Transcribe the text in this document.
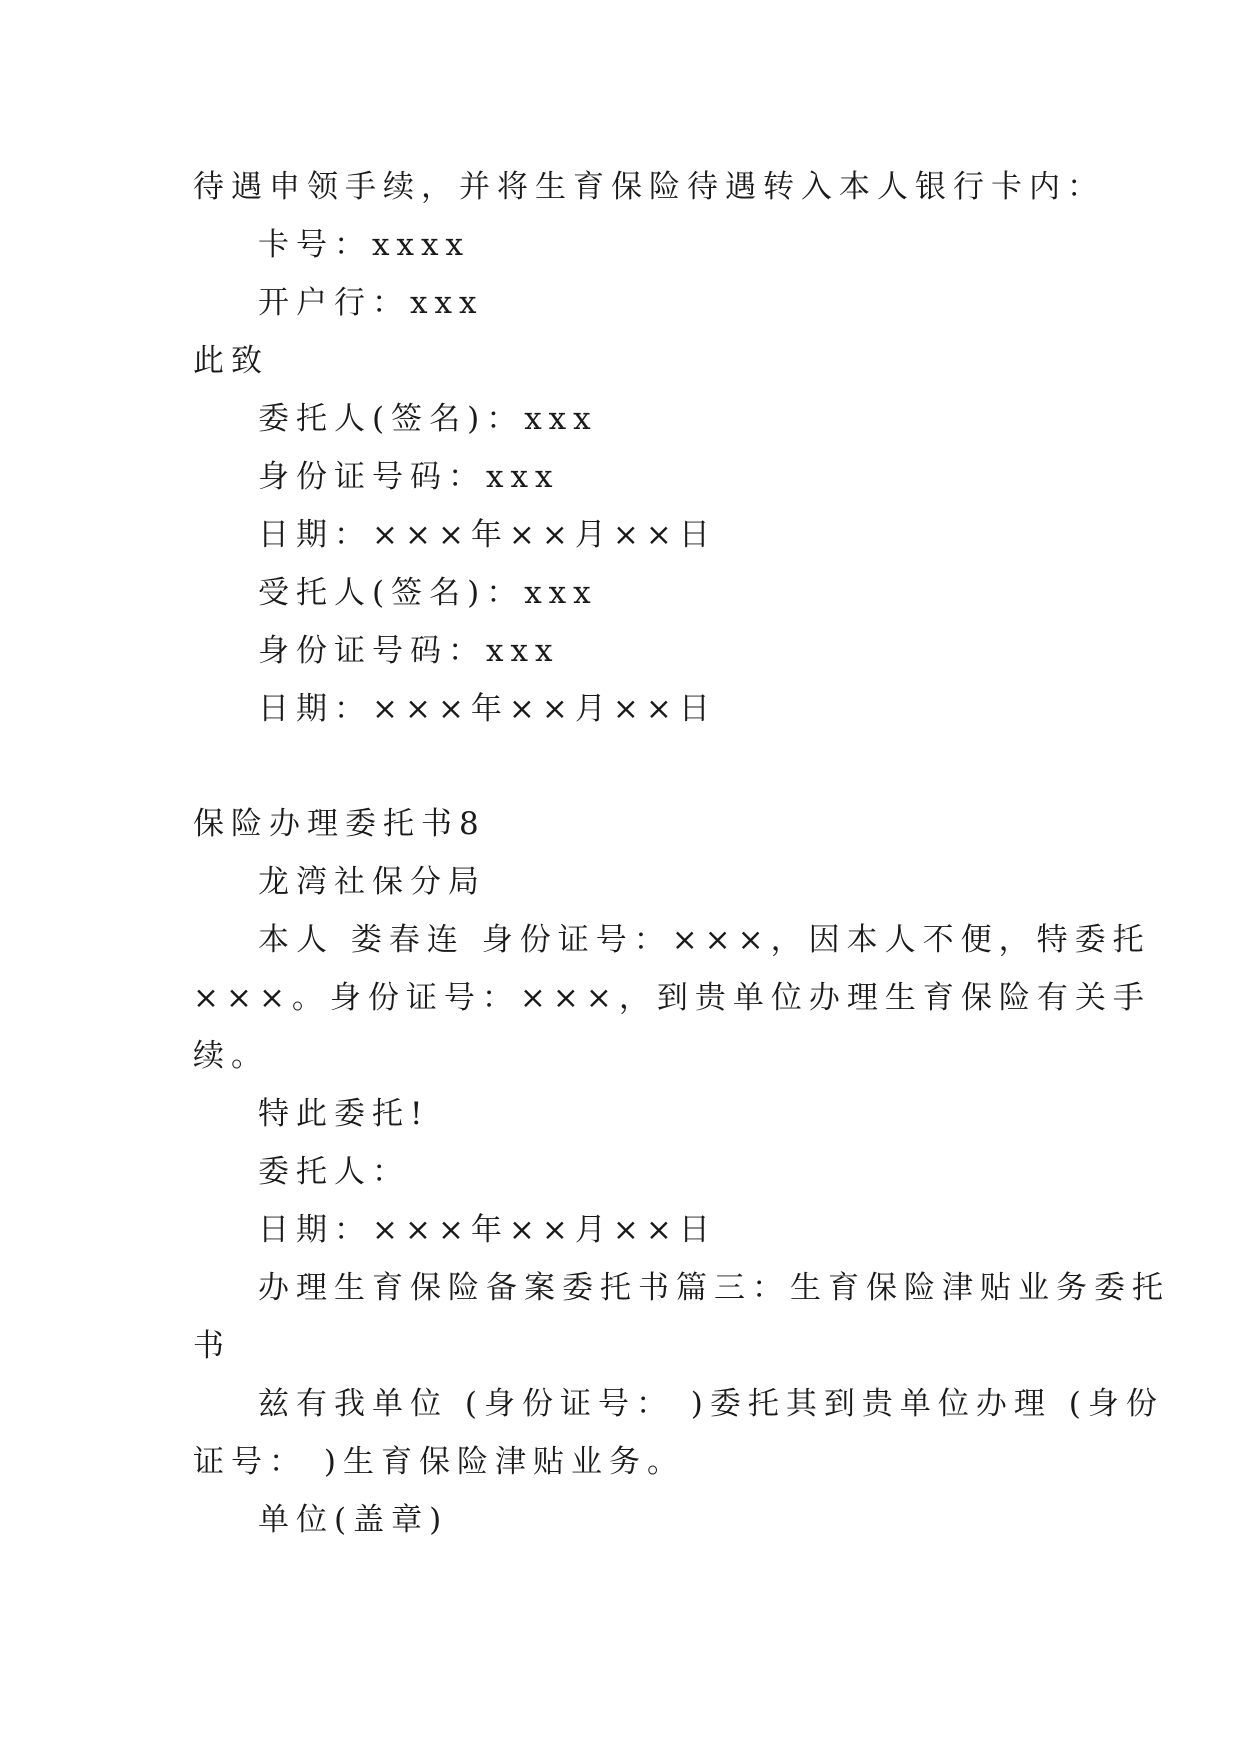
待遇申领手续，并将生育保险待遇转入本人银行卡内：

卡号：xxxx

开户行：xxx

此致

委托人(签名)：xxx

身份证号码：xxx

日期：×××年××月××日

受托人(签名)：xxx

身份证号码：xxx

日期：×××年××月××日

保险办理委托书8

龙湾社保分局

本人 娄春连 身份证号：×××，因本人不便，特委托

×××。身份证号：×××，到贵单位办理生育保险有关手

续。

特此委托!

委托人：

日期：×××年××月××日

办理生育保险备案委托书篇三：生育保险津贴业务委托

书

兹有我单位 (身份证号： )委托其到贵单位办理 (身份

证号： )生育保险津贴业务。

单位(盖章)
